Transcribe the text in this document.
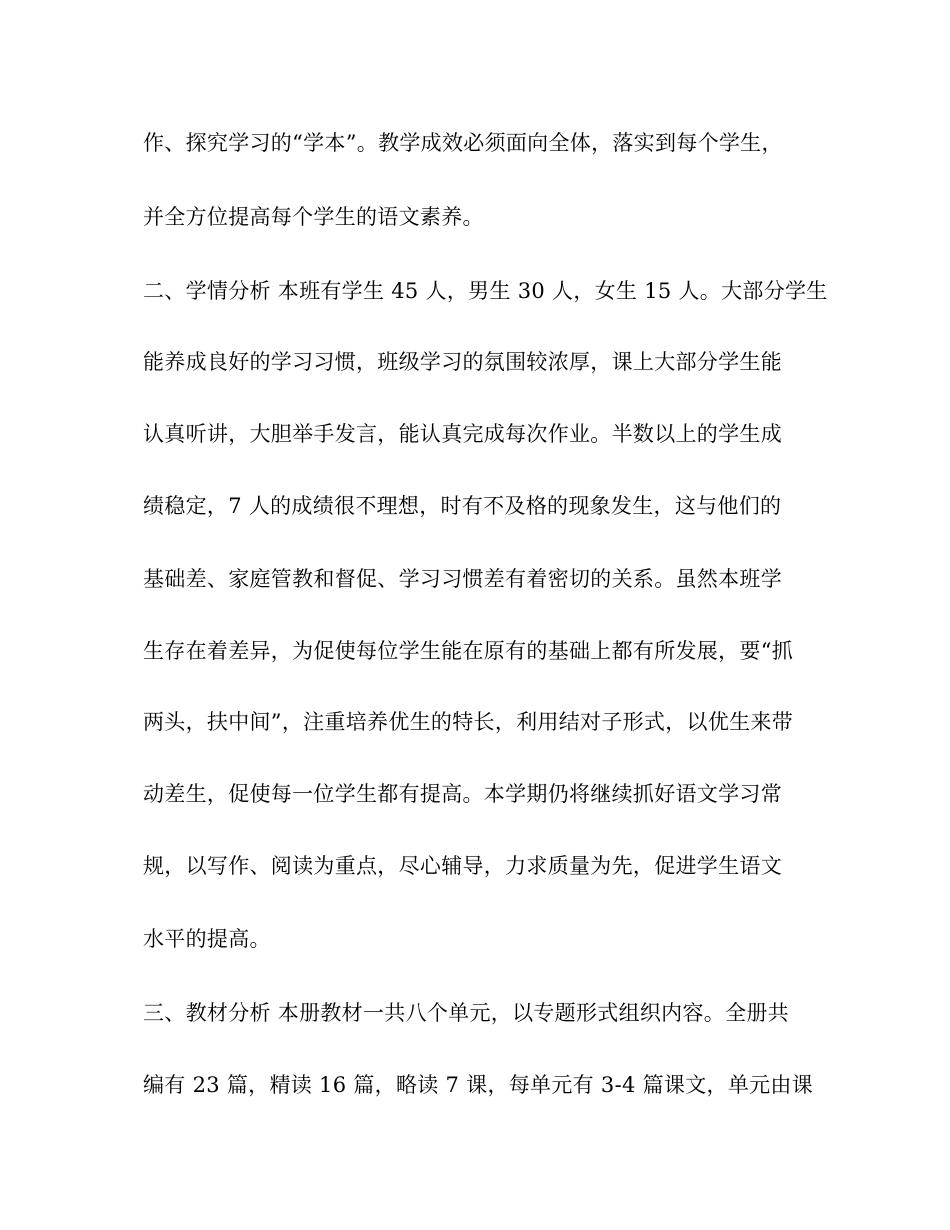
作、探究学习的“学本”。教学成效必须面向全体，落实到每个学生，
并全方位提高每个学生的语文素养。
二、学情分析 本班有学生 45 人，男生 30 人，女生 15 人。大部分学生
能养成良好的学习习惯，班级学习的氛围较浓厚，课上大部分学生能
认真听讲，大胆举手发言，能认真完成每次作业。半数以上的学生成
绩稳定，7 人的成绩很不理想，时有不及格的现象发生，这与他们的
基础差、家庭管教和督促、学习习惯差有着密切的关系。虽然本班学
生存在着差异，为促使每位学生能在原有的基础上都有所发展，要“抓
两头，扶中间”，注重培养优生的特长，利用结对子形式，以优生来带
动差生，促使每一位学生都有提高。本学期仍将继续抓好语文学习常
规，以写作、阅读为重点，尽心辅导，力求质量为先，促进学生语文
水平的提高。
三、教材分析 本册教材一共八个单元，以专题形式组织内容。全册共
编有 23 篇，精读 16 篇，略读 7 课，每单元有 3-4 篇课文，单元由课
